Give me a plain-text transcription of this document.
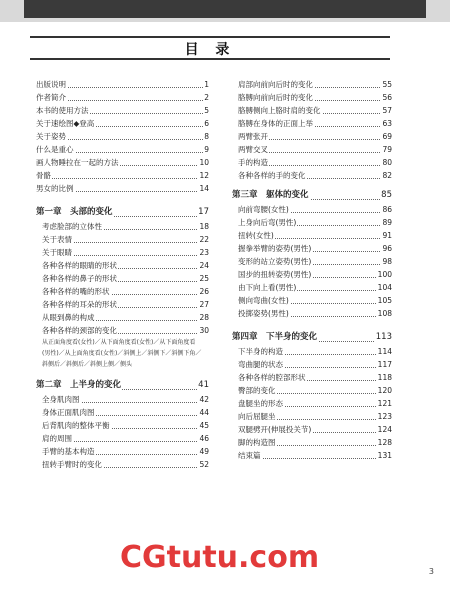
目 录
出版说明	1
作者简介	2
本书的使用方法	5
关于速绘图◆登高	6
关于姿势	8
什么是重心	9
画人物睡拉在一起的方法	10
骨骼	12
男女的比例	14
第一章　头部的变化	17
考虑脸部的立体性	18
关于表情	22
关于眼睛	23
各种各样的眼睛的形状	24
各种各样的鼻子的形状	25
各种各样的嘴的形状	26
各种各样的耳朵的形状	27
从眼到鼻的构成	28
各种各样的颈部的变化	30
从正面角度看(女性)／从下面角度看(女性)／从下面角度看(男性)／从上面角度看(女性)／斜侧上／斜侧下／斜侧下角／斜侧后／斜侧后／斜侧上侧／侧头
第二章　上半身的变化	41
全身肌肉图	42
身体正面肌肉图	44
后背肌肉的整体平衡	45
肩的周围	46
手臂的基本构造	49
扭转手臂时的变化	52
肩部向前向后时的变化	55
胳膊向前向后时的变化	56
胳膊侧向上胳时肩的变化	57
胳膊在身体的正面上举	63
两臂张开	69
两臂交叉	79
手的构造	80
各种各样的手的变化	82
第三章　躯体的变化	85
向前弯腰(女性)	86
上身向后弯(男性)	89
扭转(女性)	91
握拳举臂的姿势(男性)	96
变形的站立姿势(男性)	98
国步的扭转姿势(男性)	100
由下向上看(男性)	104
侧向弯曲(女性)	105
投掷姿势(男性)	108
第四章　下半身的变化	113
下半身的构造	114
弯曲腿的状态	117
各种各样的腔部形状	118
臀部的变化	120
盘腿坐的形态	121
向后屈腿坐	123
双腿劈开(伸展投关节)	124
脚的构造图	128
结束篇	131
CGtutu.com	3
